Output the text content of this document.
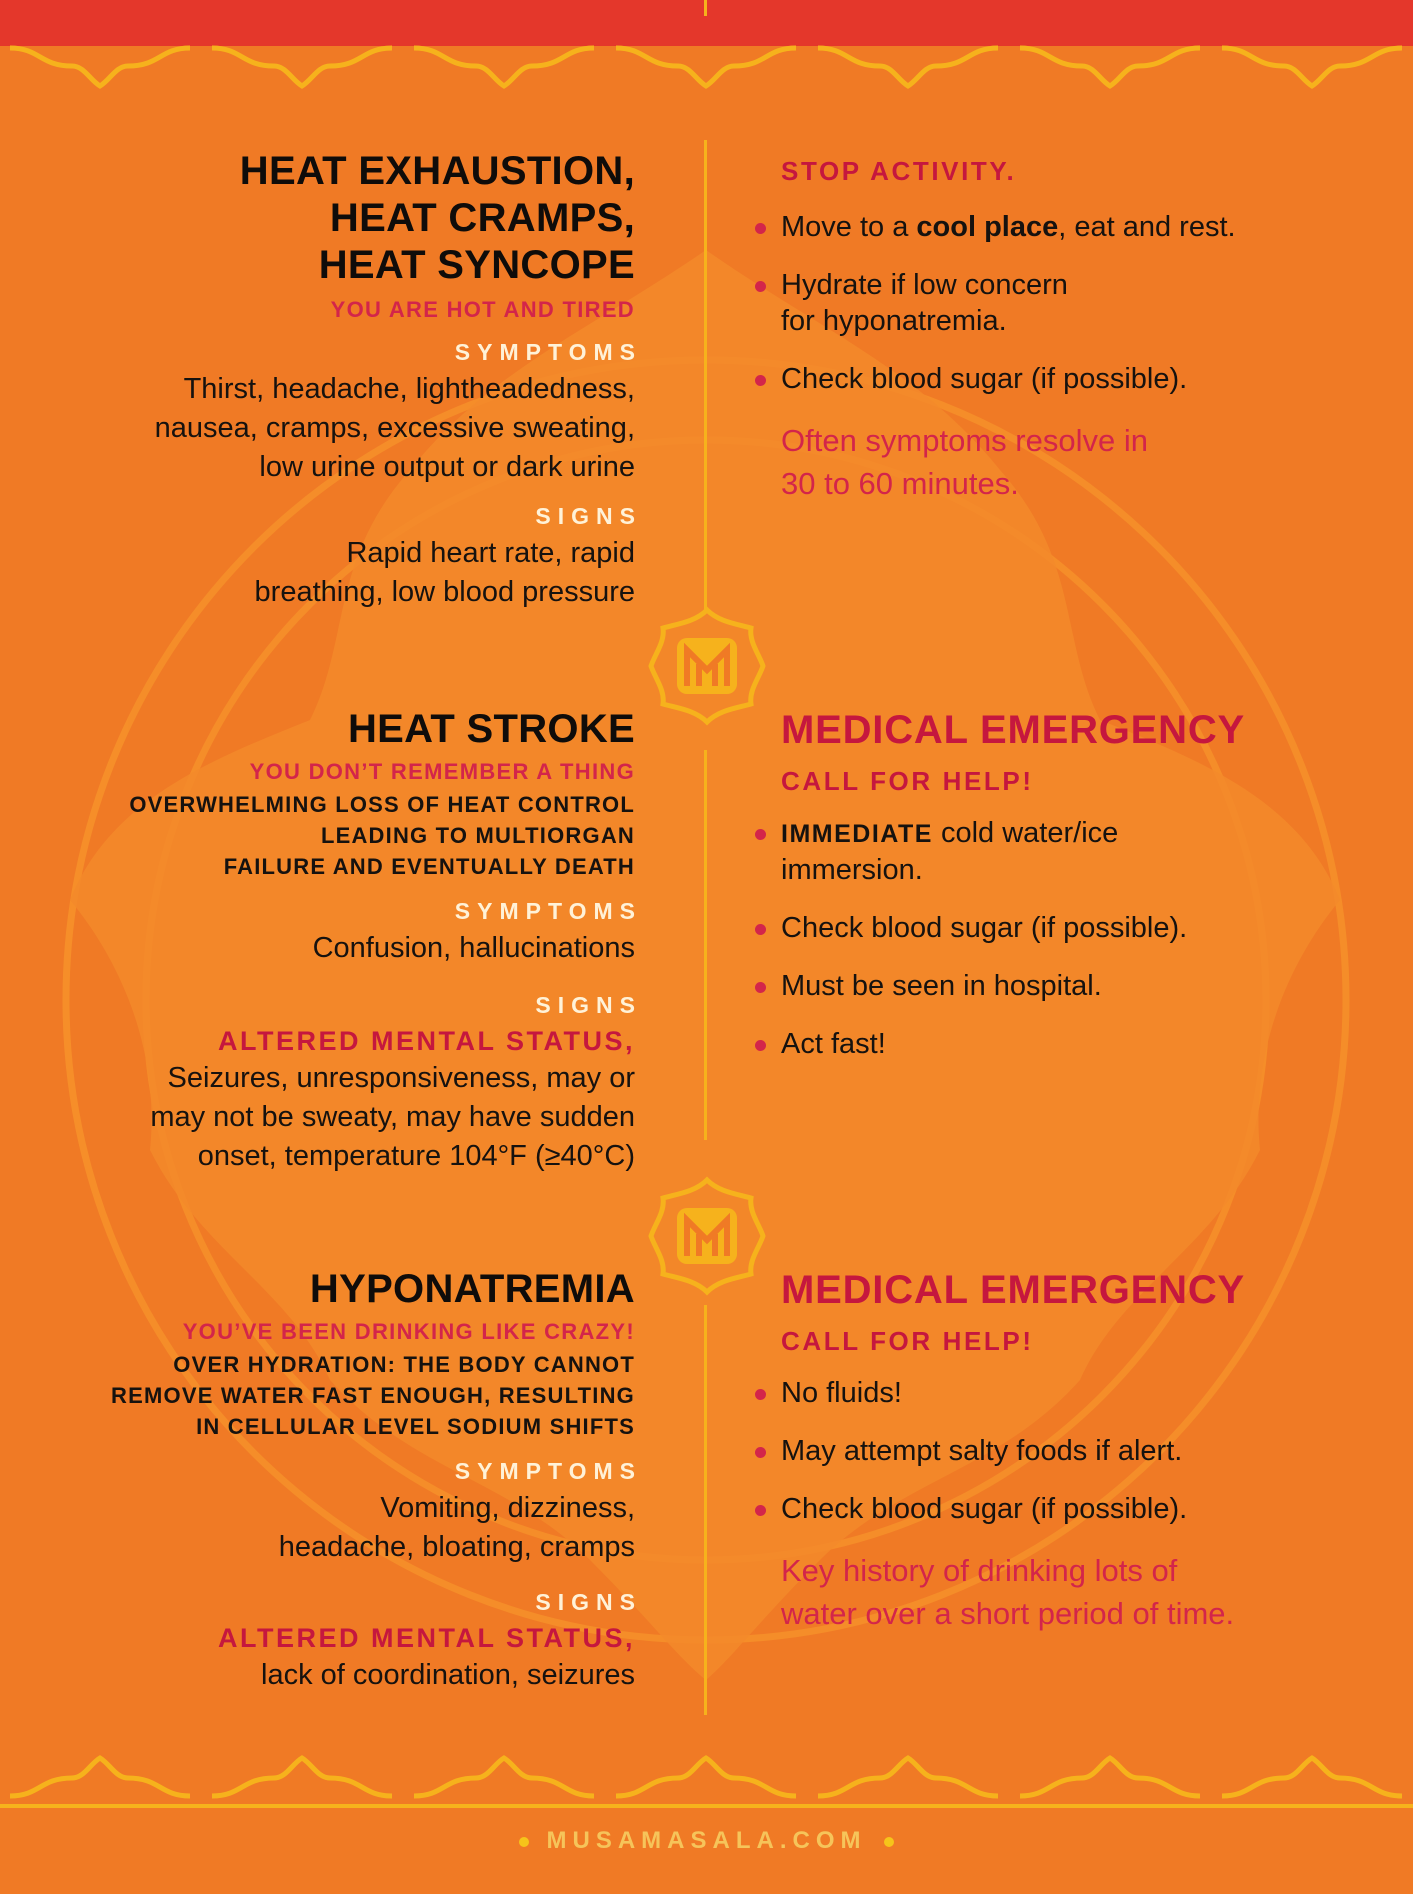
HEAT EXHAUSTION,
HEAT CRAMPS,
HEAT SYNCOPE
YOU ARE HOT AND TIRED
SYMPTOMS
Thirst, headache, lightheadedness,
nausea, cramps, excessive sweating,
low urine output or dark urine
SIGNS
Rapid heart rate, rapid
breathing, low blood pressure
STOP ACTIVITY.
Move to a cool place, eat and rest.
Hydrate if low concern
for hyponatremia.
Check blood sugar (if possible).
Often symptoms resolve in
30 to 60 minutes.
HEAT STROKE
YOU DON’T REMEMBER A THING
OVERWHELMING LOSS OF HEAT CONTROL
LEADING TO MULTIORGAN
FAILURE AND EVENTUALLY DEATH
SYMPTOMS
Confusion, hallucinations
SIGNS
ALTERED MENTAL STATUS,
Seizures, unresponsiveness, may or
may not be sweaty, may have sudden
onset, temperature 104°F (≥40°C)
MEDICAL EMERGENCY
CALL FOR HELP!
IMMEDIATE cold water/ice
immersion.
Check blood sugar (if possible).
Must be seen in hospital.
Act fast!
HYPONATREMIA
YOU’VE BEEN DRINKING LIKE CRAZY!
OVER HYDRATION: THE BODY CANNOT
REMOVE WATER FAST ENOUGH, RESULTING
IN CELLULAR LEVEL SODIUM SHIFTS
SYMPTOMS
Vomiting, dizziness,
headache, bloating, cramps
SIGNS
ALTERED MENTAL STATUS,
lack of coordination, seizures
MEDICAL EMERGENCY
CALL FOR HELP!
No fluids!
May attempt salty foods if alert.
Check blood sugar (if possible).
Key history of drinking lots of
water over a short period of time.
MUSAMASALA.COM
